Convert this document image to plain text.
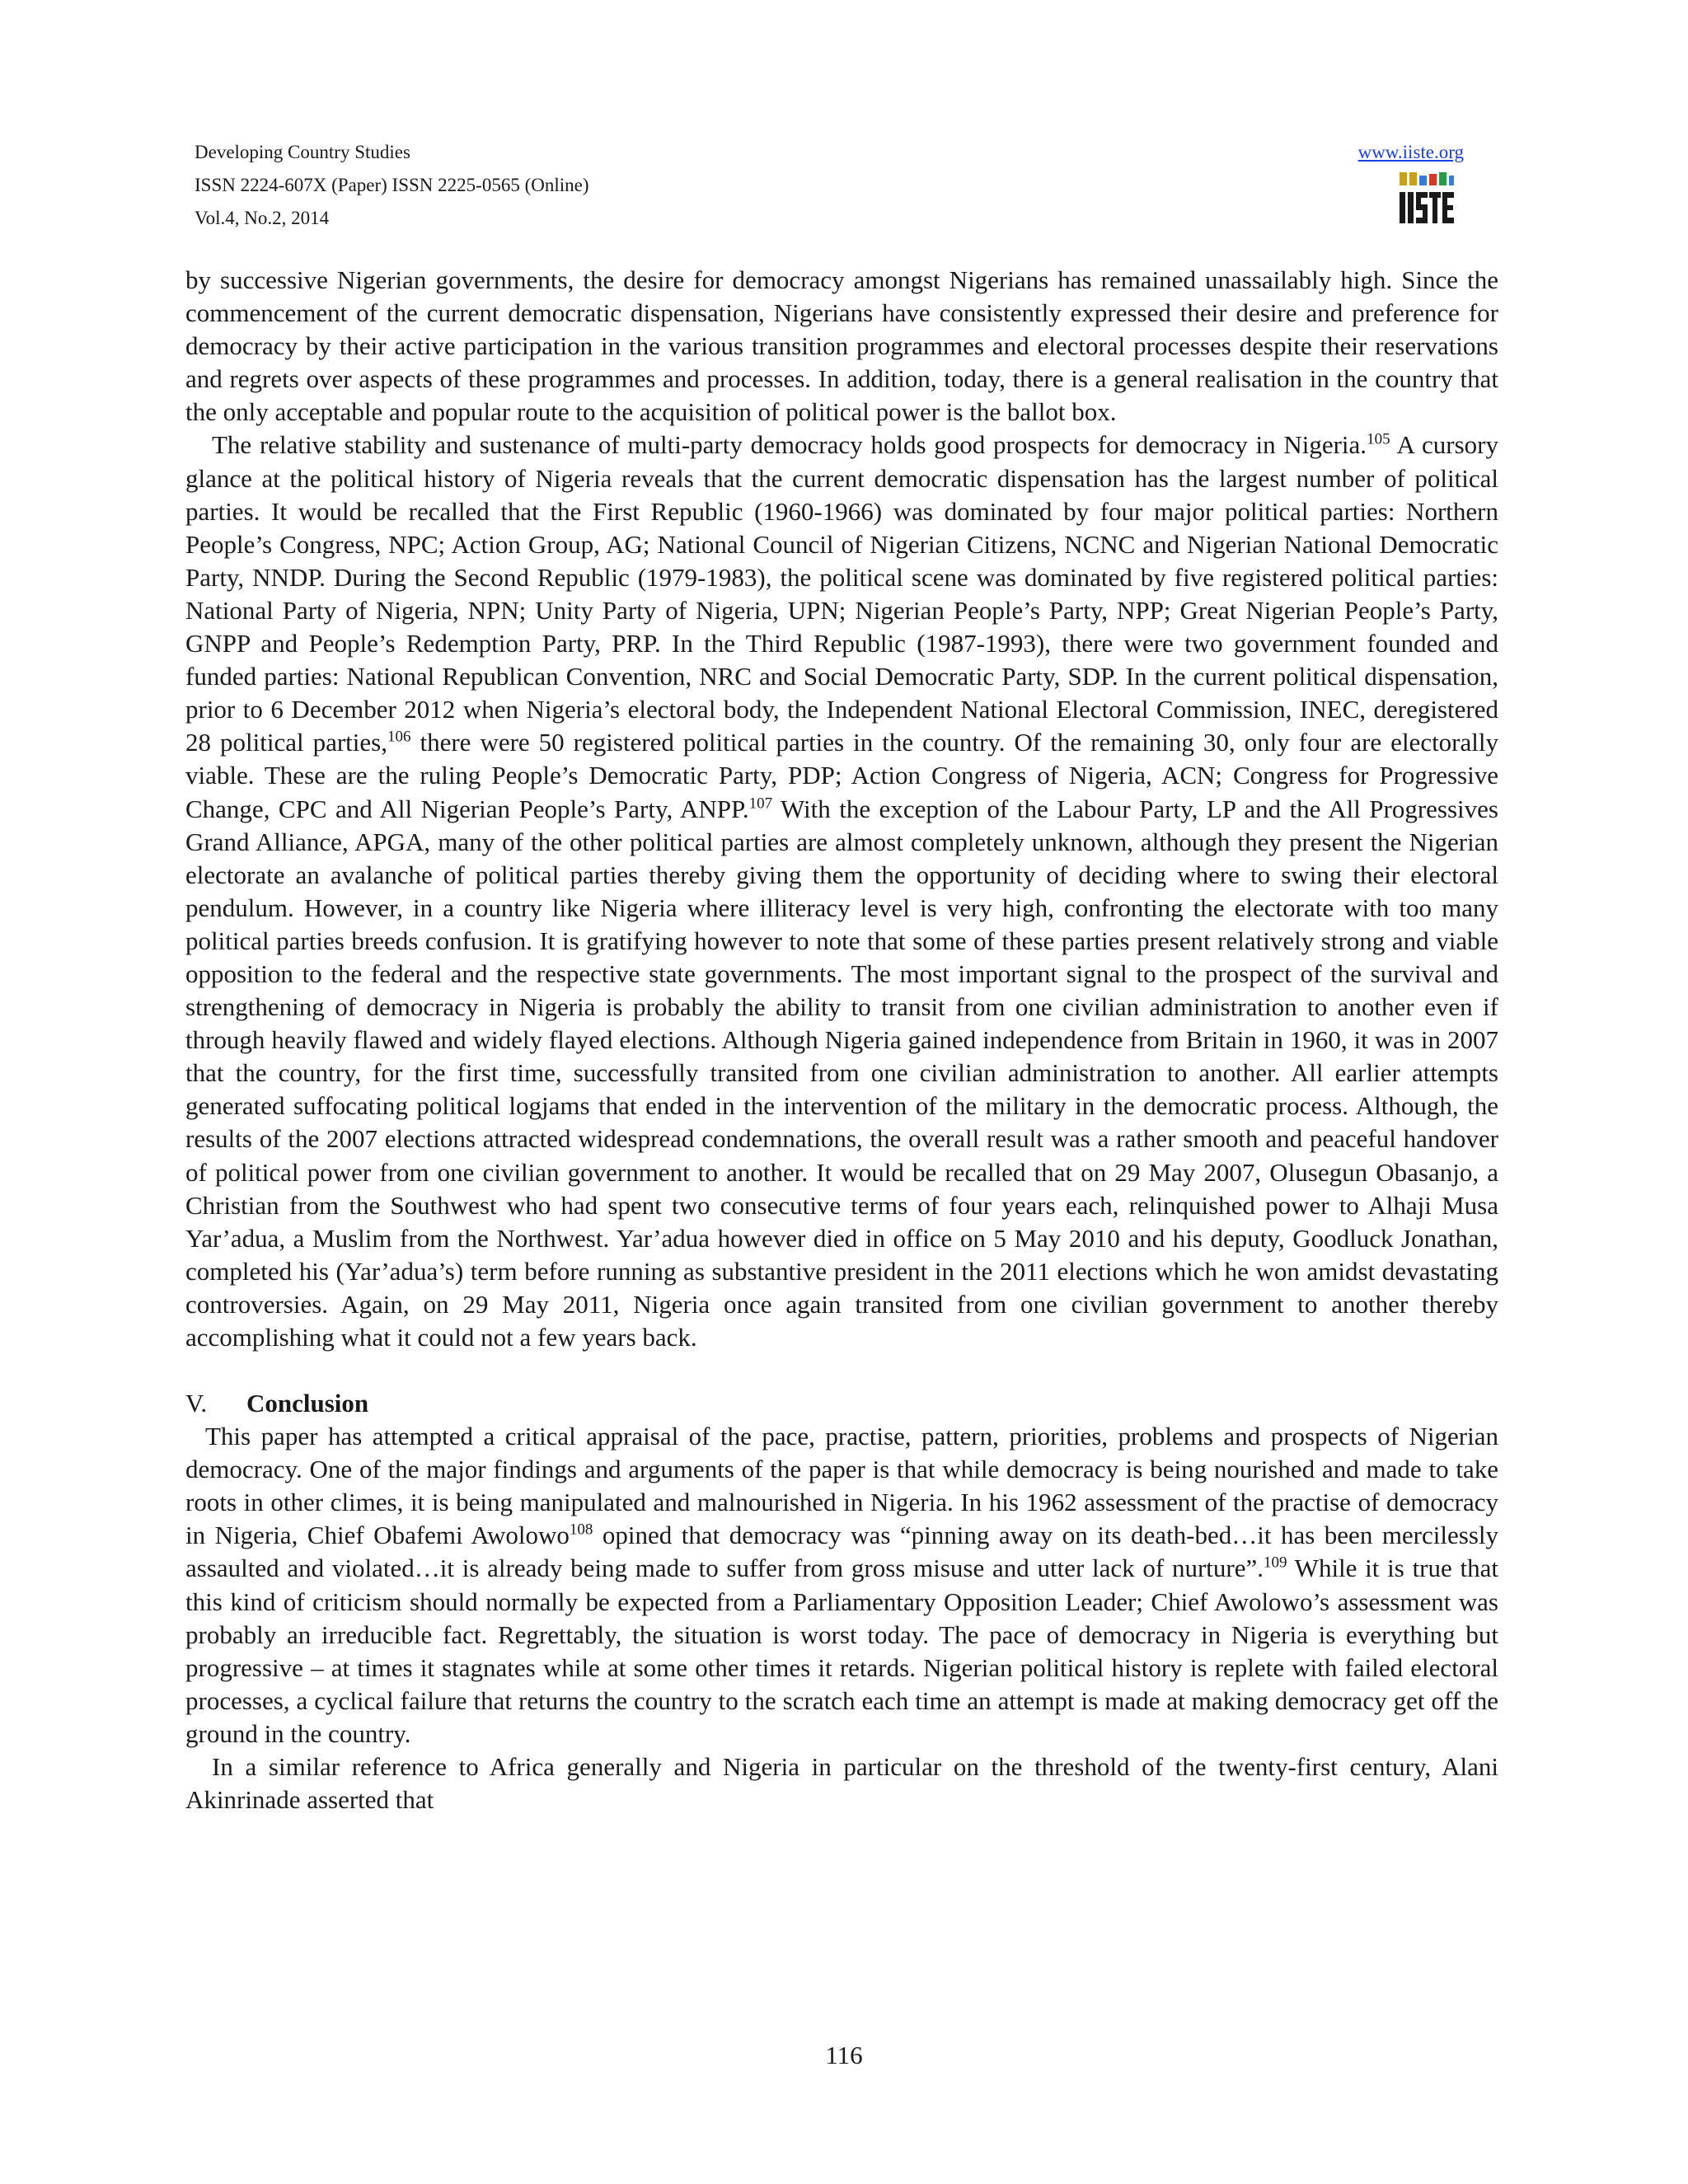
Developing Country Studies
ISSN 2224-607X (Paper) ISSN 2225-0565 (Online)
Vol.4, No.2, 2014
www.iiste.org

by successive Nigerian governments, the desire for democracy amongst Nigerians has remained unassailably high. Since the commencement of the current democratic dispensation, Nigerians have consistently expressed their desire and preference for democracy by their active participation in the various transition programmes and electoral processes despite their reservations and regrets over aspects of these programmes and processes. In addition, today, there is a general realisation in the country that the only acceptable and popular route to the acquisition of political power is the ballot box.

The relative stability and sustenance of multi-party democracy holds good prospects for democracy in Nigeria.$^{105}$ A cursory glance at the political history of Nigeria reveals that the current democratic dispensation has the largest number of political parties. It would be recalled that the First Republic (1960-1966) was dominated by four major political parties: Northern People’s Congress, NPC; Action Group, AG; National Council of Nigerian Citizens, NCNC and Nigerian National Democratic Party, NNDP. During the Second Republic (1979-1983), the political scene was dominated by five registered political parties: National Party of Nigeria, NPN; Unity Party of Nigeria, UPN; Nigerian People’s Party, NPP; Great Nigerian People’s Party, GNPP and People’s Redemption Party, PRP. In the Third Republic (1987-1993), there were two government founded and funded parties: National Republican Convention, NRC and Social Democratic Party, SDP. In the current political dispensation, prior to 6 December 2012 when Nigeria’s electoral body, the Independent National Electoral Commission, INEC, deregistered 28 political parties,$^{106}$ there were 50 registered political parties in the country. Of the remaining 30, only four are electorally viable. These are the ruling People’s Democratic Party, PDP; Action Congress of Nigeria, ACN; Congress for Progressive Change, CPC and All Nigerian People’s Party, ANPP.$^{107}$ With the exception of the Labour Party, LP and the All Progressives Grand Alliance, APGA, many of the other political parties are almost completely unknown, although they present the Nigerian electorate an avalanche of political parties thereby giving them the opportunity of deciding where to swing their electoral pendulum. However, in a country like Nigeria where illiteracy level is very high, confronting the electorate with too many political parties breeds confusion. It is gratifying however to note that some of these parties present relatively strong and viable opposition to the federal and the respective state governments. The most important signal to the prospect of the survival and strengthening of democracy in Nigeria is probably the ability to transit from one civilian administration to another even if through heavily flawed and widely flayed elections. Although Nigeria gained independence from Britain in 1960, it was in 2007 that the country, for the first time, successfully transited from one civilian administration to another. All earlier attempts generated suffocating political logjams that ended in the intervention of the military in the democratic process. Although, the results of the 2007 elections attracted widespread condemnations, the overall result was a rather smooth and peaceful handover of political power from one civilian government to another. It would be recalled that on 29 May 2007, Olusegun Obasanjo, a Christian from the Southwest who had spent two consecutive terms of four years each, relinquished power to Alhaji Musa Yar’adua, a Muslim from the Northwest. Yar’adua however died in office on 5 May 2010 and his deputy, Goodluck Jonathan, completed his (Yar’adua’s) term before running as substantive president in the 2011 elections which he won amidst devastating controversies. Again, on 29 May 2011, Nigeria once again transited from one civilian government to another thereby accomplishing what it could not a few years back.

V. Conclusion

This paper has attempted a critical appraisal of the pace, practise, pattern, priorities, problems and prospects of Nigerian democracy. One of the major findings and arguments of the paper is that while democracy is being nourished and made to take roots in other climes, it is being manipulated and malnourished in Nigeria. In his 1962 assessment of the practise of democracy in Nigeria, Chief Obafemi Awolowo$^{108}$ opined that democracy was “pinning away on its death-bed…it has been mercilessly assaulted and violated…it is already being made to suffer from gross misuse and utter lack of nurture”.$^{109}$ While it is true that this kind of criticism should normally be expected from a Parliamentary Opposition Leader; Chief Awolowo’s assessment was probably an irreducible fact. Regrettably, the situation is worst today. The pace of democracy in Nigeria is everything but progressive – at times it stagnates while at some other times it retards. Nigerian political history is replete with failed electoral processes, a cyclical failure that returns the country to the scratch each time an attempt is made at making democracy get off the ground in the country.

In a similar reference to Africa generally and Nigeria in particular on the threshold of the twenty-first century, Alani Akinrinade asserted that

116
